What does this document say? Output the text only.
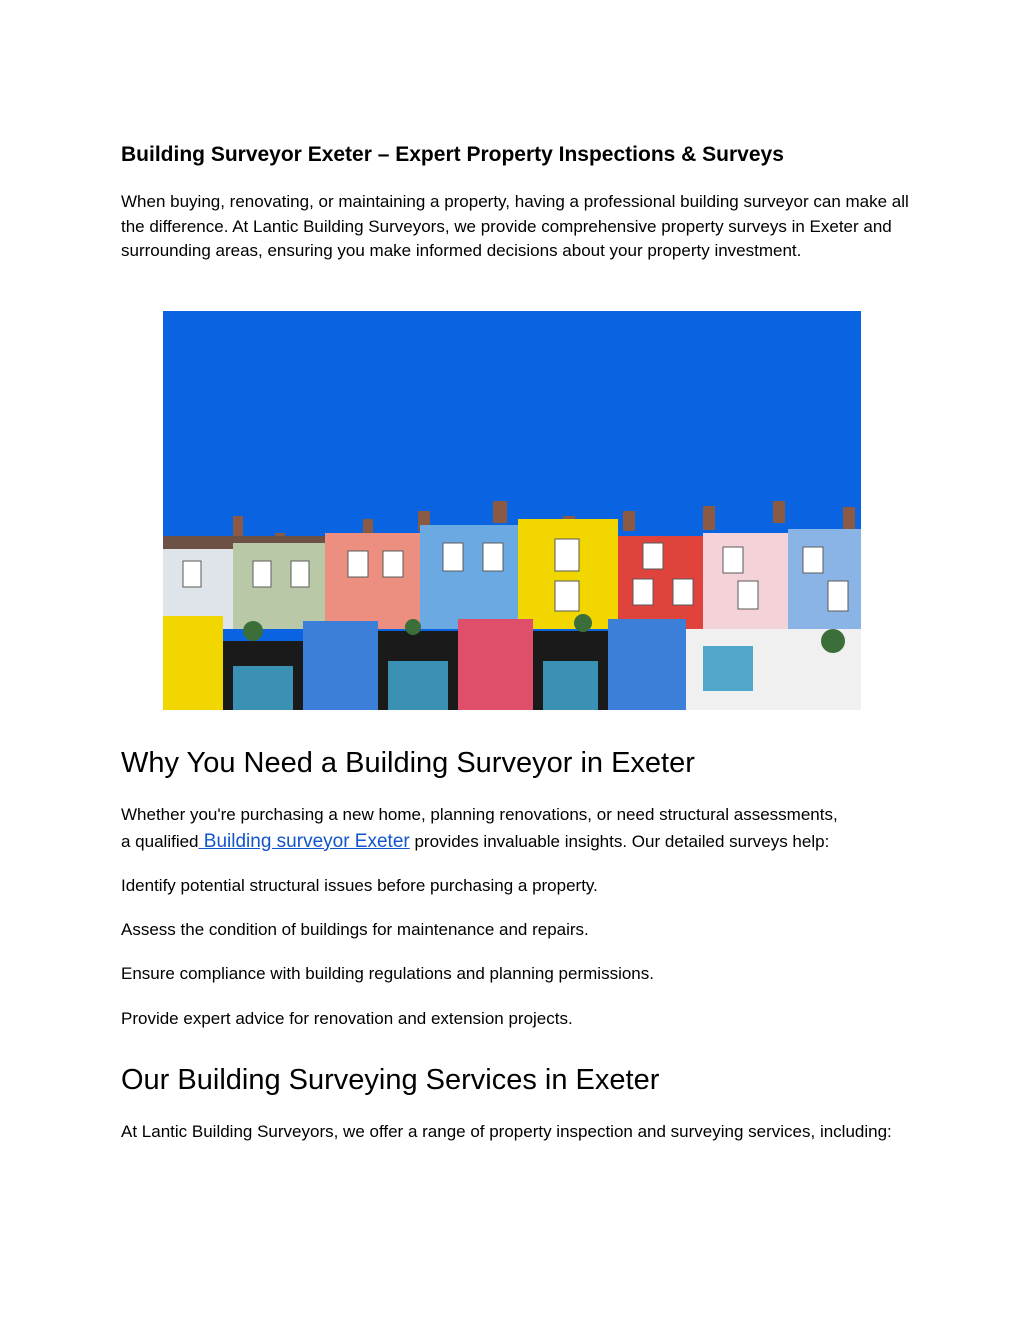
Building Surveyor Exeter – Expert Property Inspections & Surveys

When buying, renovating, or maintaining a property, having a professional building surveyor can make all the difference. At Lantic Building Surveyors, we provide comprehensive property surveys in Exeter and surrounding areas, ensuring you make informed decisions about your property investment.

Why You Need a Building Surveyor in Exeter

Whether you're purchasing a new home, planning renovations, or need structural assessments,
a qualified Building surveyor Exeter provides invaluable insights. Our detailed surveys help:

Identify potential structural issues before purchasing a property.

Assess the condition of buildings for maintenance and repairs.

Ensure compliance with building regulations and planning permissions.

Provide expert advice for renovation and extension projects.

Our Building Surveying Services in Exeter

At Lantic Building Surveyors, we offer a range of property inspection and surveying services, including:
